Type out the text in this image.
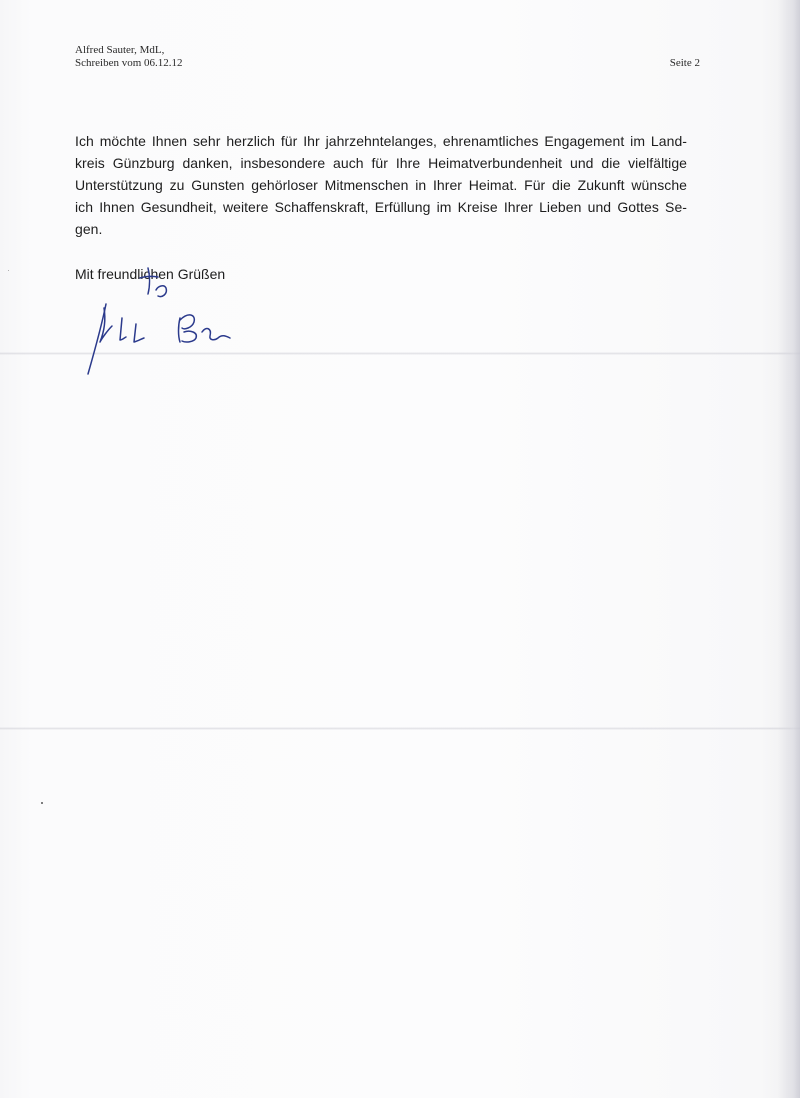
Alfred Sauter, MdL,
Schreiben vom 06.12.12	Seite 2
Ich möchte Ihnen sehr herzlich für Ihr jahrzehntelanges, ehrenamtliches Engagement im Land-
kreis Günzburg danken, insbesondere auch für Ihre Heimatverbundenheit und die vielfältige
Unterstützung zu Gunsten gehörloser Mitmenschen in Ihrer Heimat. Für die Zukunft wünsche
ich Ihnen Gesundheit, weitere Schaffenskraft, Erfüllung im Kreise Ihrer Lieben und Gottes Se-
gen.
Mit freundlichen Grüßen
